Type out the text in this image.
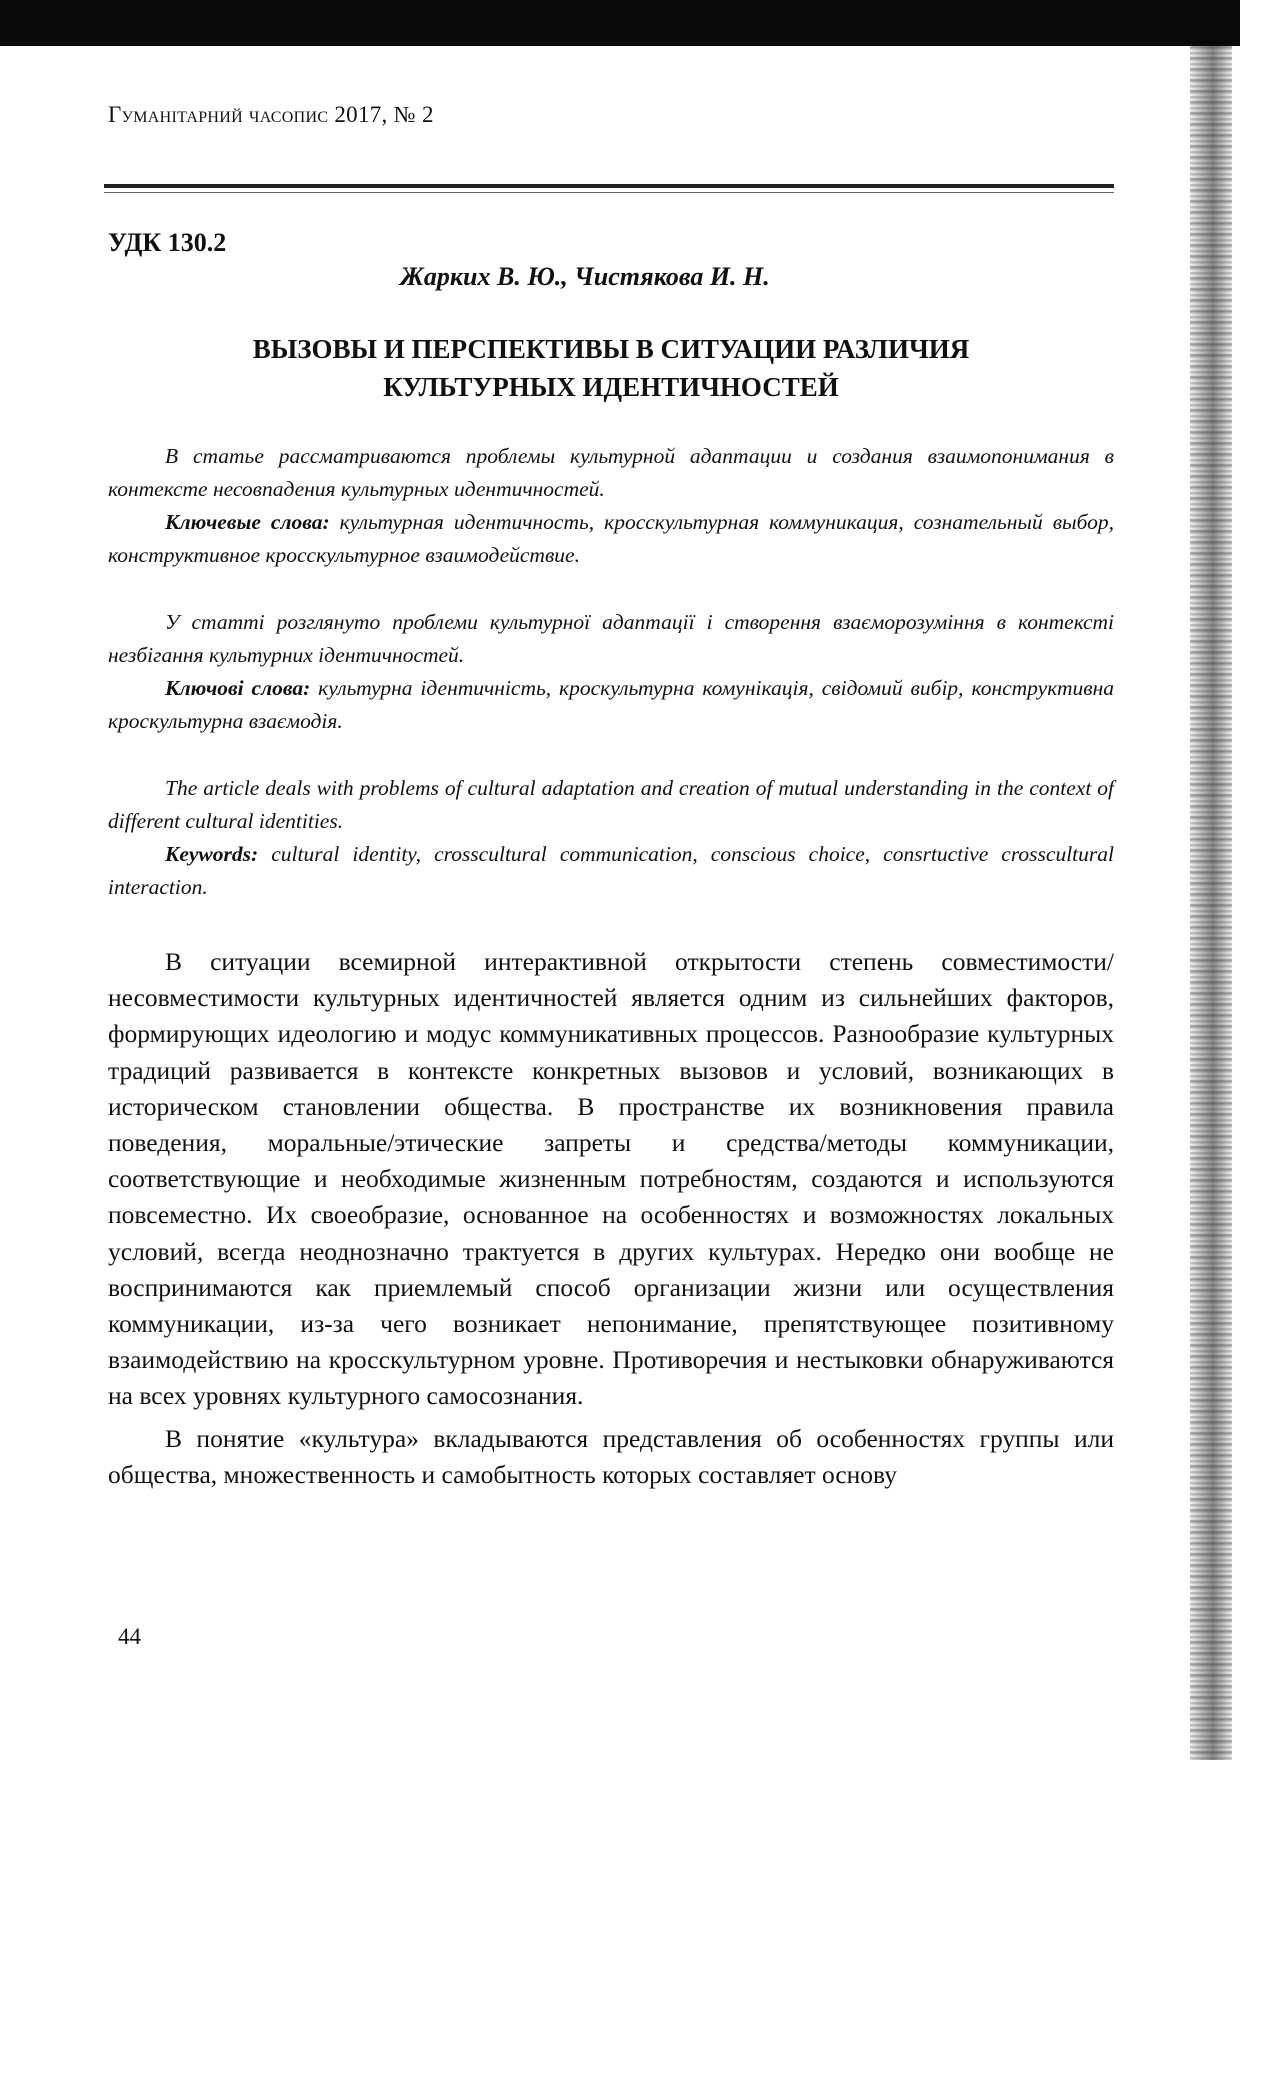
Гуманітарний часопис 2017, № 2
УДК 130.2
Жарких В. Ю., Чистякова И. Н.
ВЫЗОВЫ И ПЕРСПЕКТИВЫ В СИТУАЦИИ РАЗЛИЧИЯ
КУЛЬТУРНЫХ ИДЕНТИЧНОСТЕЙ

В статье рассматриваются проблемы культурной адаптации и создания взаимопонимания в контексте несовпадения культурных идентичностей.

Ключевые слова: культурная идентичность, кросскультурная коммуникация, сознательный выбор, конструктивное кросскультурное взаимодействие.

У статті розглянуто проблеми культурної адаптації і створення взаєморозуміння в контексті незбігання культурних ідентичностей.

Ключові слова: культурна ідентичність, кроскультурна комунікація, свідомий вибір, конструктивна кроскультурна взаємодія.

The article deals with problems of cultural adaptation and creation of mutual understanding in the context of different cultural identities.

Keywords: cultural identity, crosscultural communication, conscious choice, consrtuctive crosscultural interaction.

В ситуации всемирной интерактивной открытости степень совместимости/несовместимости культурных идентичностей является одним из сильнейших факторов, формирующих идеологию и модус коммуникативных процессов. Разнообразие культурных традиций развивается в контексте конкретных вызовов и условий, возникающих в историческом становлении общества. В пространстве их возникновения правила поведения, моральные/этические запреты и средства/методы коммуникации, соответствующие и необходимые жизненным потребностям, создаются и используются повсеместно. Их своеобразие, основанное на особенностях и возможностях локальных условий, всегда неоднозначно трактуется в других культурах. Нередко они вообще не воспринимаются как приемлемый способ организации жизни или осуществления коммуникации, из-за чего возникает непонимание, препятствующее позитивному взаимодействию на кросскультурном уровне. Противоречия и нестыковки обнаруживаются на всех уровнях культурного самосознания.

В понятие «культура» вкладываются представления об особенностях группы или общества, множественность и самобытность которых составляет основу

44
